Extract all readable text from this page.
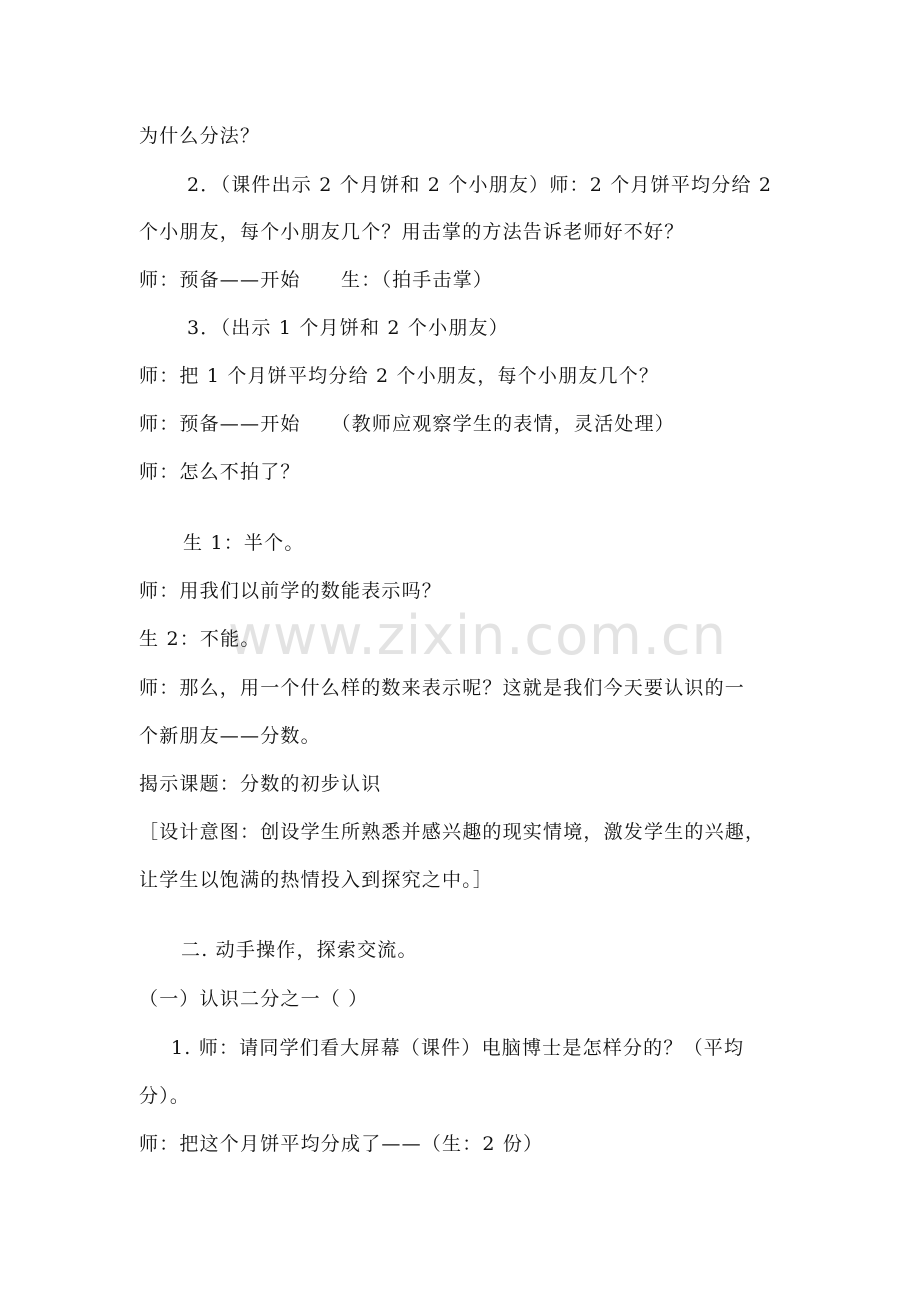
www.zixin.com.cn
为什么分法？
2．（课件出示 2 个月饼和 2 个小朋友）师：2 个月饼平均分给 2
个小朋友，每个小朋友几个？用击掌的方法告诉老师好不好？
师：预备——开始　　生：（拍手击掌）
3．（出示 1 个月饼和 2 个小朋友）
师：把 1 个月饼平均分给 2 个小朋友，每个小朋友几个？
师：预备——开始　　（教师应观察学生的表情，灵活处理）
师：怎么不拍了？
生 1：半个。
师：用我们以前学的数能表示吗？
生 2：不能。
师：那么，用一个什么样的数来表示呢？这就是我们今天要认识的一
个新朋友——分数。
揭示课题：分数的初步认识
［设计意图：创设学生所熟悉并感兴趣的现实情境，激发学生的兴趣，
让学生以饱满的热情投入到探究之中。］
二. 动手操作，探索交流。
（一）认识二分之一（ ）
1. 师：请同学们看大屏幕（课件）电脑博士是怎样分的？（平均
分）。
师：把这个月饼平均分成了——（生：2 份）
